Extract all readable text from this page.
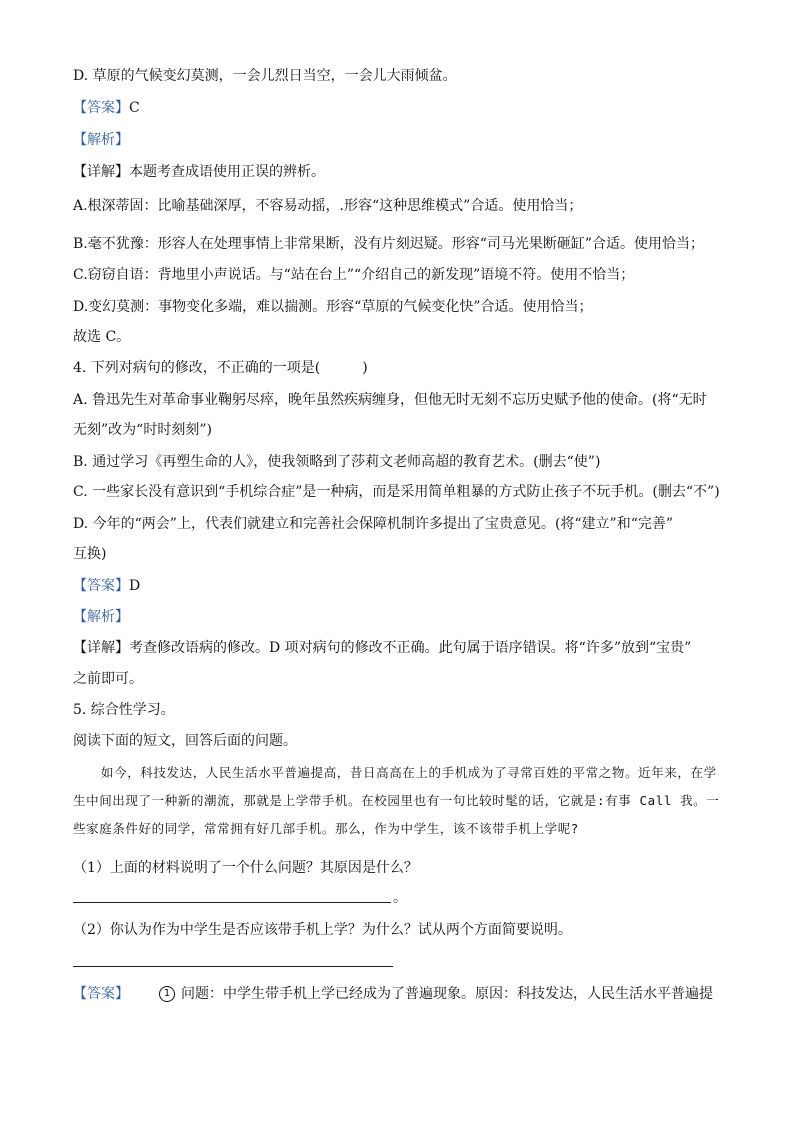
D. 草原的气候变幻莫测，一会儿烈日当空，一会儿大雨倾盆。
【答案】C
【解析】
【详解】本题考查成语使用正误的辨析。
A.根深蒂固：比喻基础深厚，不容易动摇，.形容“这种思维模式”合适。使用恰当；
B.毫不犹豫：形容人在处理事情上非常果断，没有片刻迟疑。形容“司马光果断砸缸”合适。使用恰当；
C.窃窃自语：背地里小声说话。与“站在台上”“介绍自己的新发现”语境不符。使用不恰当；
D.变幻莫测：事物变化多端，难以揣测。形容“草原的气候变化快”合适。使用恰当；
故选 C。
4. 下列对病句的修改，不正确的一项是(　　　)
A. 鲁迅先生对革命事业鞠躬尽瘁，晚年虽然疾病缠身，但他无时无刻不忘历史赋予他的使命。(将“无时
无刻”改为“时时刻刻”)
B. 通过学习《再塑生命的人》，使我领略到了莎莉文老师高超的教育艺术。(删去“使”)
C. 一些家长没有意识到“手机综合症”是一种病，而是采用简单粗暴的方式防止孩子不玩手机。(删去“不”)
D. 今年的“两会”上，代表们就建立和完善社会保障机制许多提出了宝贵意见。(将“建立”和“完善”
互换)
【答案】D
【解析】
【详解】考查修改语病的修改。D 项对病句的修改不正确。此句属于语序错误。将“许多”放到“宝贵”
之前即可。
5. 综合性学习。
阅读下面的短文，回答后面的问题。
如今，科技发达，人民生活水平普遍提高，昔日高高在上的手机成为了寻常百姓的平常之物。近年来，在学生中间出现了一种新的潮流，那就是上学带手机。在校园里也有一句比较时髦的话，它就是:有事 Call 我。一些家庭条件好的同学，常常拥有好几部手机。那么，作为中学生，该不该带手机上学呢?
（1）上面的材料说明了一个什么问题？其原因是什么？
。
（2）你认为作为中学生是否应该带手机上学？为什么？试从两个方面简要说明。
【答案】	1 问题：中学生带手机上学已经成为了普遍现象。原因：科技发达，人民生活水平普遍提
